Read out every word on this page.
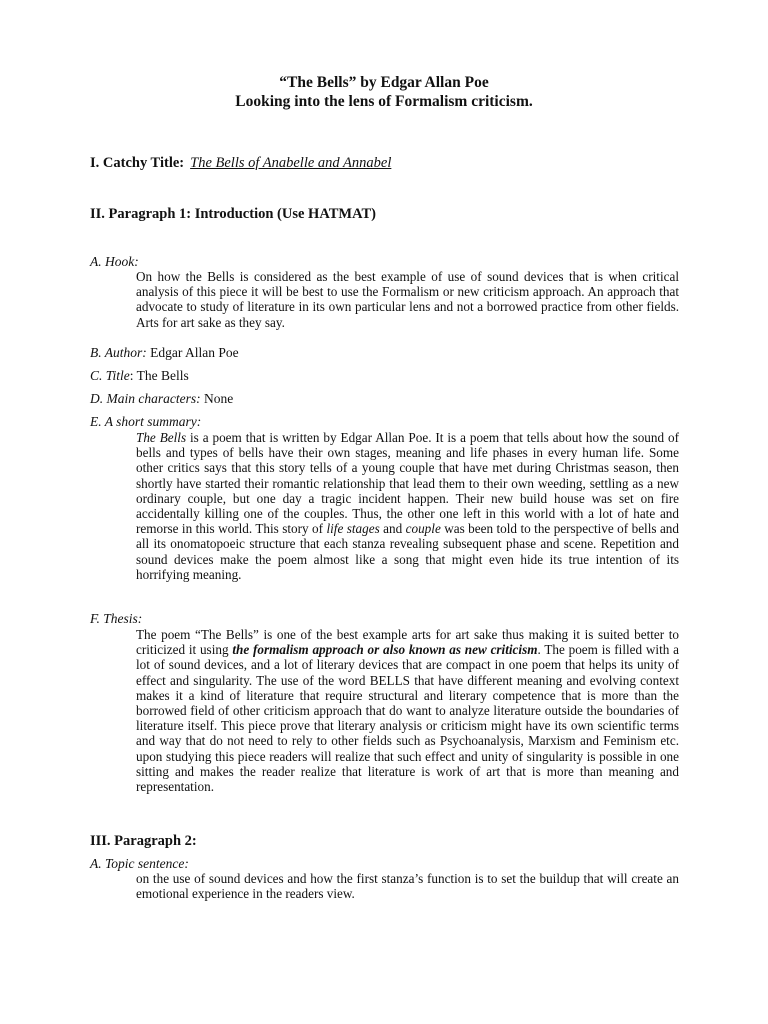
“The Bells” by Edgar Allan Poe
Looking into the lens of Formalism criticism.
I. Catchy Title: The Bells of Anabelle and Annabel
II. Paragraph 1: Introduction (Use HATMAT)
A. Hook:

On how the Bells is considered as the best example of use of sound devices that is when critical analysis of this piece it will be best to use the Formalism or new criticism approach. An approach that advocate to study of literature in its own particular lens and not a borrowed practice from other fields. Arts for art sake as they say.

B. Author: Edgar Allan Poe
C. Title: The Bells
D. Main characters: None
E. A short summary:

The Bells is a poem that is written by Edgar Allan Poe. It is a poem that tells about how the sound of bells and types of bells have their own stages, meaning and life phases in every human life. Some other critics says that this story tells of a young couple that have met during Christmas season, then shortly have started their romantic relationship that lead them to their own weeding, settling as a new ordinary couple, but one day a tragic incident happen. Their new build house was set on fire accidentally killing one of the couples. Thus, the other one left in this world with a lot of hate and remorse in this world. This story of life stages and couple was been told to the perspective of bells and all its onomatopoeic structure that each stanza revealing subsequent phase and scene. Repetition and sound devices make the poem almost like a song that might even hide its true intention of its horrifying meaning.

F. Thesis:

The poem “The Bells” is one of the best example arts for art sake thus making it is suited better to criticized it using the formalism approach or also known as new criticism. The poem is filled with a lot of sound devices, and a lot of literary devices that are compact in one poem that helps its unity of effect and singularity. The use of the word BELLS that have different meaning and evolving context makes it a kind of literature that require structural and literary competence that is more than the borrowed field of other criticism approach that do want to analyze literature outside the boundaries of literature itself. This piece prove that literary analysis or criticism might have its own scientific terms and way that do not need to rely to other fields such as Psychoanalysis, Marxism and Feminism etc. upon studying this piece readers will realize that such effect and unity of singularity is possible in one sitting and makes the reader realize that literature is work of art that is more than meaning and representation.

III. Paragraph 2:
A. Topic sentence:

on the use of sound devices and how the first stanza’s function is to set the buildup that will create an emotional experience in the readers view.
